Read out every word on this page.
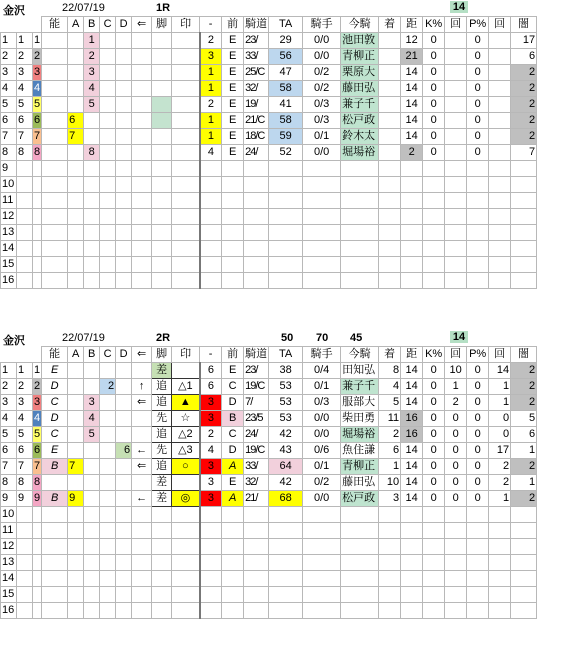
金沢	22/07/19	1R	14
			能	A	B	C	D	⇐	脚	印	-	前	騎道	TA	騎手	今騎	着	距	K%	回	P%	回	闇
1	1	1			1						2	E	23/	29	0/0	池田敦		12	0		0		17
2	2	2			2						3	E	33/	56	0/0	青柳正		21	0		0		6
3	3	3			3						1	E	25/C	47	0/2	栗原大		14	0		0		2
4	4	4			4						1	E	32/	58	0/2	藤田弘		14	0		0		2
5	5	5			5						2	E	19/	41	0/3	兼子千		14	0		0		2
6	6	6		6							1	E	21/C	58	0/3	松戸政		14	0		0		2
7	7	7		7							1	E	18/C	59	0/1	鈴木太		14	0		0		2
8	8	8			8						4	E	24/	52	0/0	堀場裕		2	0		0		7
9																							
10																							
11																							
12																							
13																							
14																							
15																							
16																							
金沢	22/07/19	2R	50 70 45	14
			能	A	B	C	D	⇐	脚	印	-	前	騎道	TA	騎手	今騎	着	距	K%	回	P%	回	闇
1	1	1	E						差		6	E	23/	38	0/4	田知弘	8	14	0	10	0	14	2
2	2	2	D			2		↑	追	△1	6	C	19/C	53	0/1	兼子千	4	14	0	1	0	1	2
3	3	3	C		3			⇐	追	▲	3	D	7/	53	0/3	服部大	5	14	0	2	0	1	2
4	4	4	D		4				先	☆	3	B	23/5	53	0/0	柴田勇	11	16	0	0	0	0	5
5	5	5	C		5				追	△2	2	C	24/	42	0/0	堀場裕	2	16	0	0	0	0	6
6	6	6	E				6	←	先	△3	4	D	19/C	43	0/6	魚住謙	6	14	0	0	0	17	1
7	7	7	B	7				⇐	追	○	3	A	33/	64	0/1	青柳正	1	14	0	0	0	2	2
8	8	8							差		3	E	32/	42	0/2	藤田弘	10	14	0	0	0	2	1
9	9	9	B	9				←	差	◎	3	A	21/	68	0/0	松戸政	3	14	0	0	0	1	2
10																							
11																							
12																							
13																							
14																							
15																							
16																							
